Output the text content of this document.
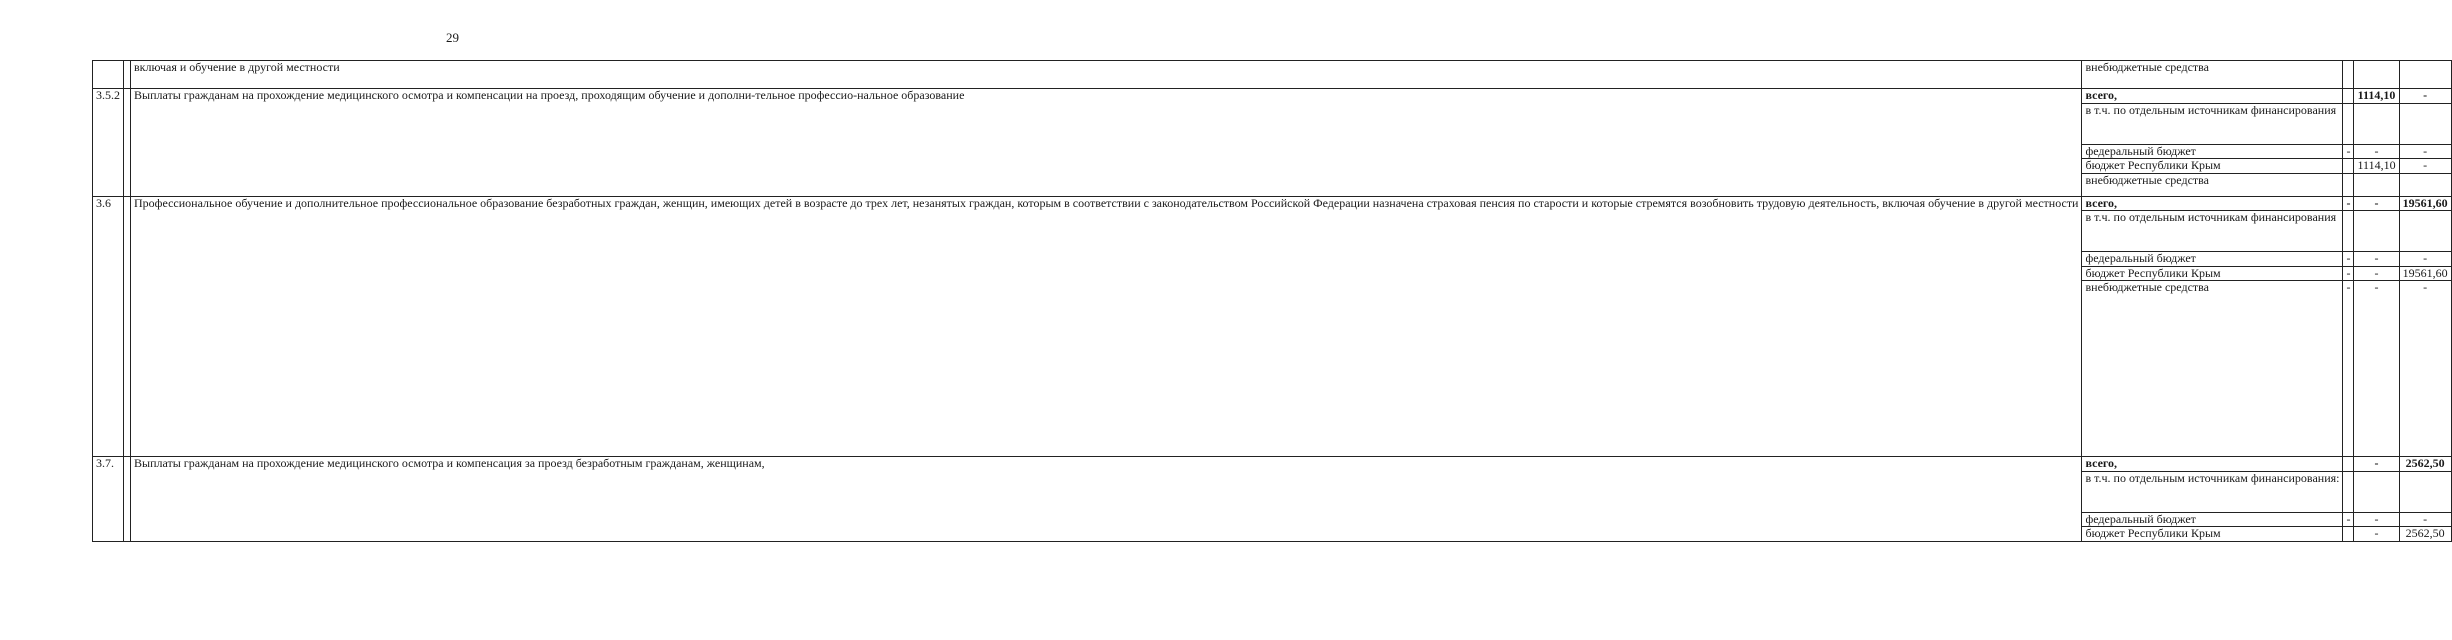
29
		включая и обучение в другой местности	внебюджетные средства			
3.5.2		Выплаты гражданам на прохождение медицинского осмотра и компенсации на проезд, проходящим обучение и дополни-тельное профессио-нальное образование	всего,		1114,10	-
			в т.ч. по отдельным источникам финансирования			
			федеральный бюджет	-	-	-
			бюджет Республики Крым		1114,10	-
			внебюджетные средства			
3.6		Профессиональное обучение и дополнительное профессиональное образование безработных граждан, женщин, имеющих детей в возрасте до трех лет, незанятых граждан, которым в соответствии с законодательством Российской Федерации назначена страховая пенсия по старости и которые стремятся возобновить трудовую деятельность, включая обучение в другой местности	всего,	-	-	19561,60
			в т.ч. по отдельным источникам финансирования			
			федеральный бюджет	-	-	-
			бюджет Республики Крым	-	-	19561,60
			внебюджетные средства	-	-	-
3.7.		Выплаты гражданам на прохождение медицинского осмотра и компенсация за проезд безработным гражданам, женщинам,	всего,		-	2562,50
			в т.ч. по отдельным источникам финансирования:			
			федеральный бюджет	-	-	-
			бюджет Республики Крым		-	2562,50
